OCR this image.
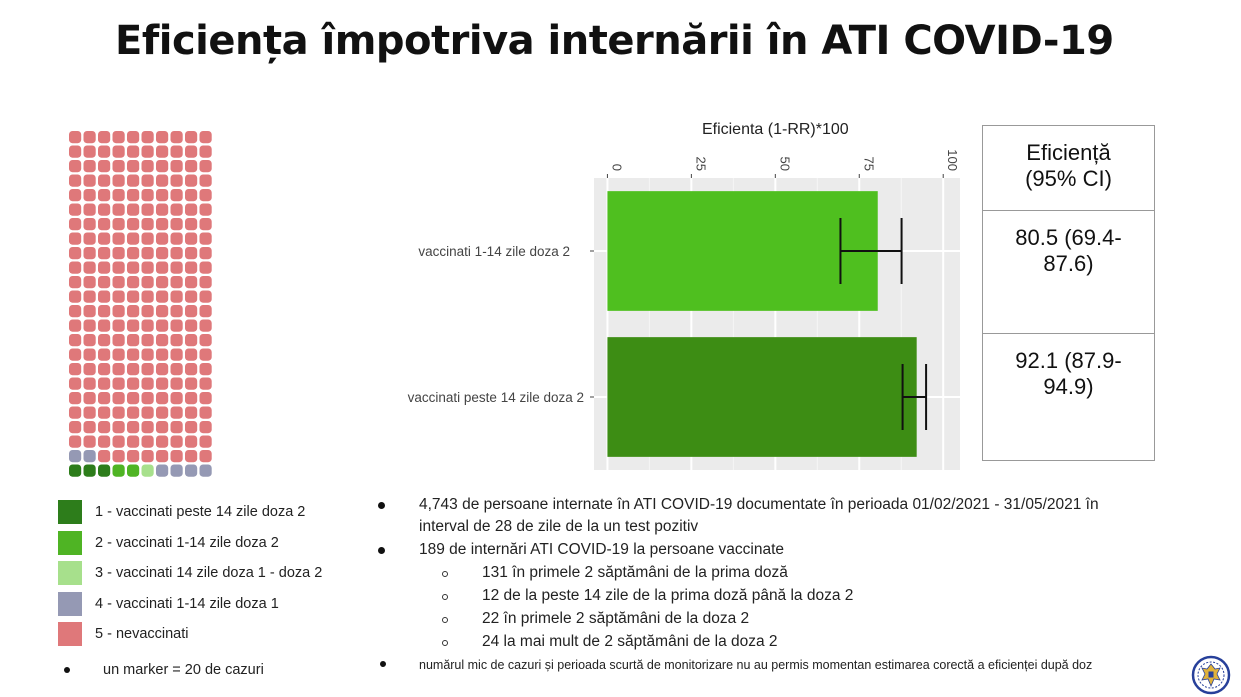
Eficiența împotriva internării în ATI COVID-19
1 - vaccinati peste 14 zile doza 2
2 - vaccinati 1-14 zile doza 2
3 - vaccinati 14 zile doza 1 - doza 2
4 - vaccinati 1-14 zile doza 1
5 - nevaccinati
un marker = 20 de cazuri
0	25	50	75	100
Eficienta (1-RR)*100
vaccinati 1-14 zile doza 2
vaccinati peste 14 zile doza 2
Eficiență
(95% CI)
80.5 (69.4-
87.6)
92.1 (87.9-
94.9)
4,743 de persoane internate în ATI COVID-19 documentate în perioada 01/02/2021 - 31/05/2021 în
interval de 28 de zile de la un test pozitiv
189 de internări ATI COVID-19 la persoane vaccinate
131 în primele 2 săptămâni de la prima doză
12 de la peste 14 zile de la prima doză până la doza 2
22 în primele 2 săptămâni de la doza 2
24 la mai mult de 2 săptămâni de la doza 2
numărul mic de cazuri și perioada scurtă de monitorizare nu au permis momentan estimarea corectă a eficienței după doz
